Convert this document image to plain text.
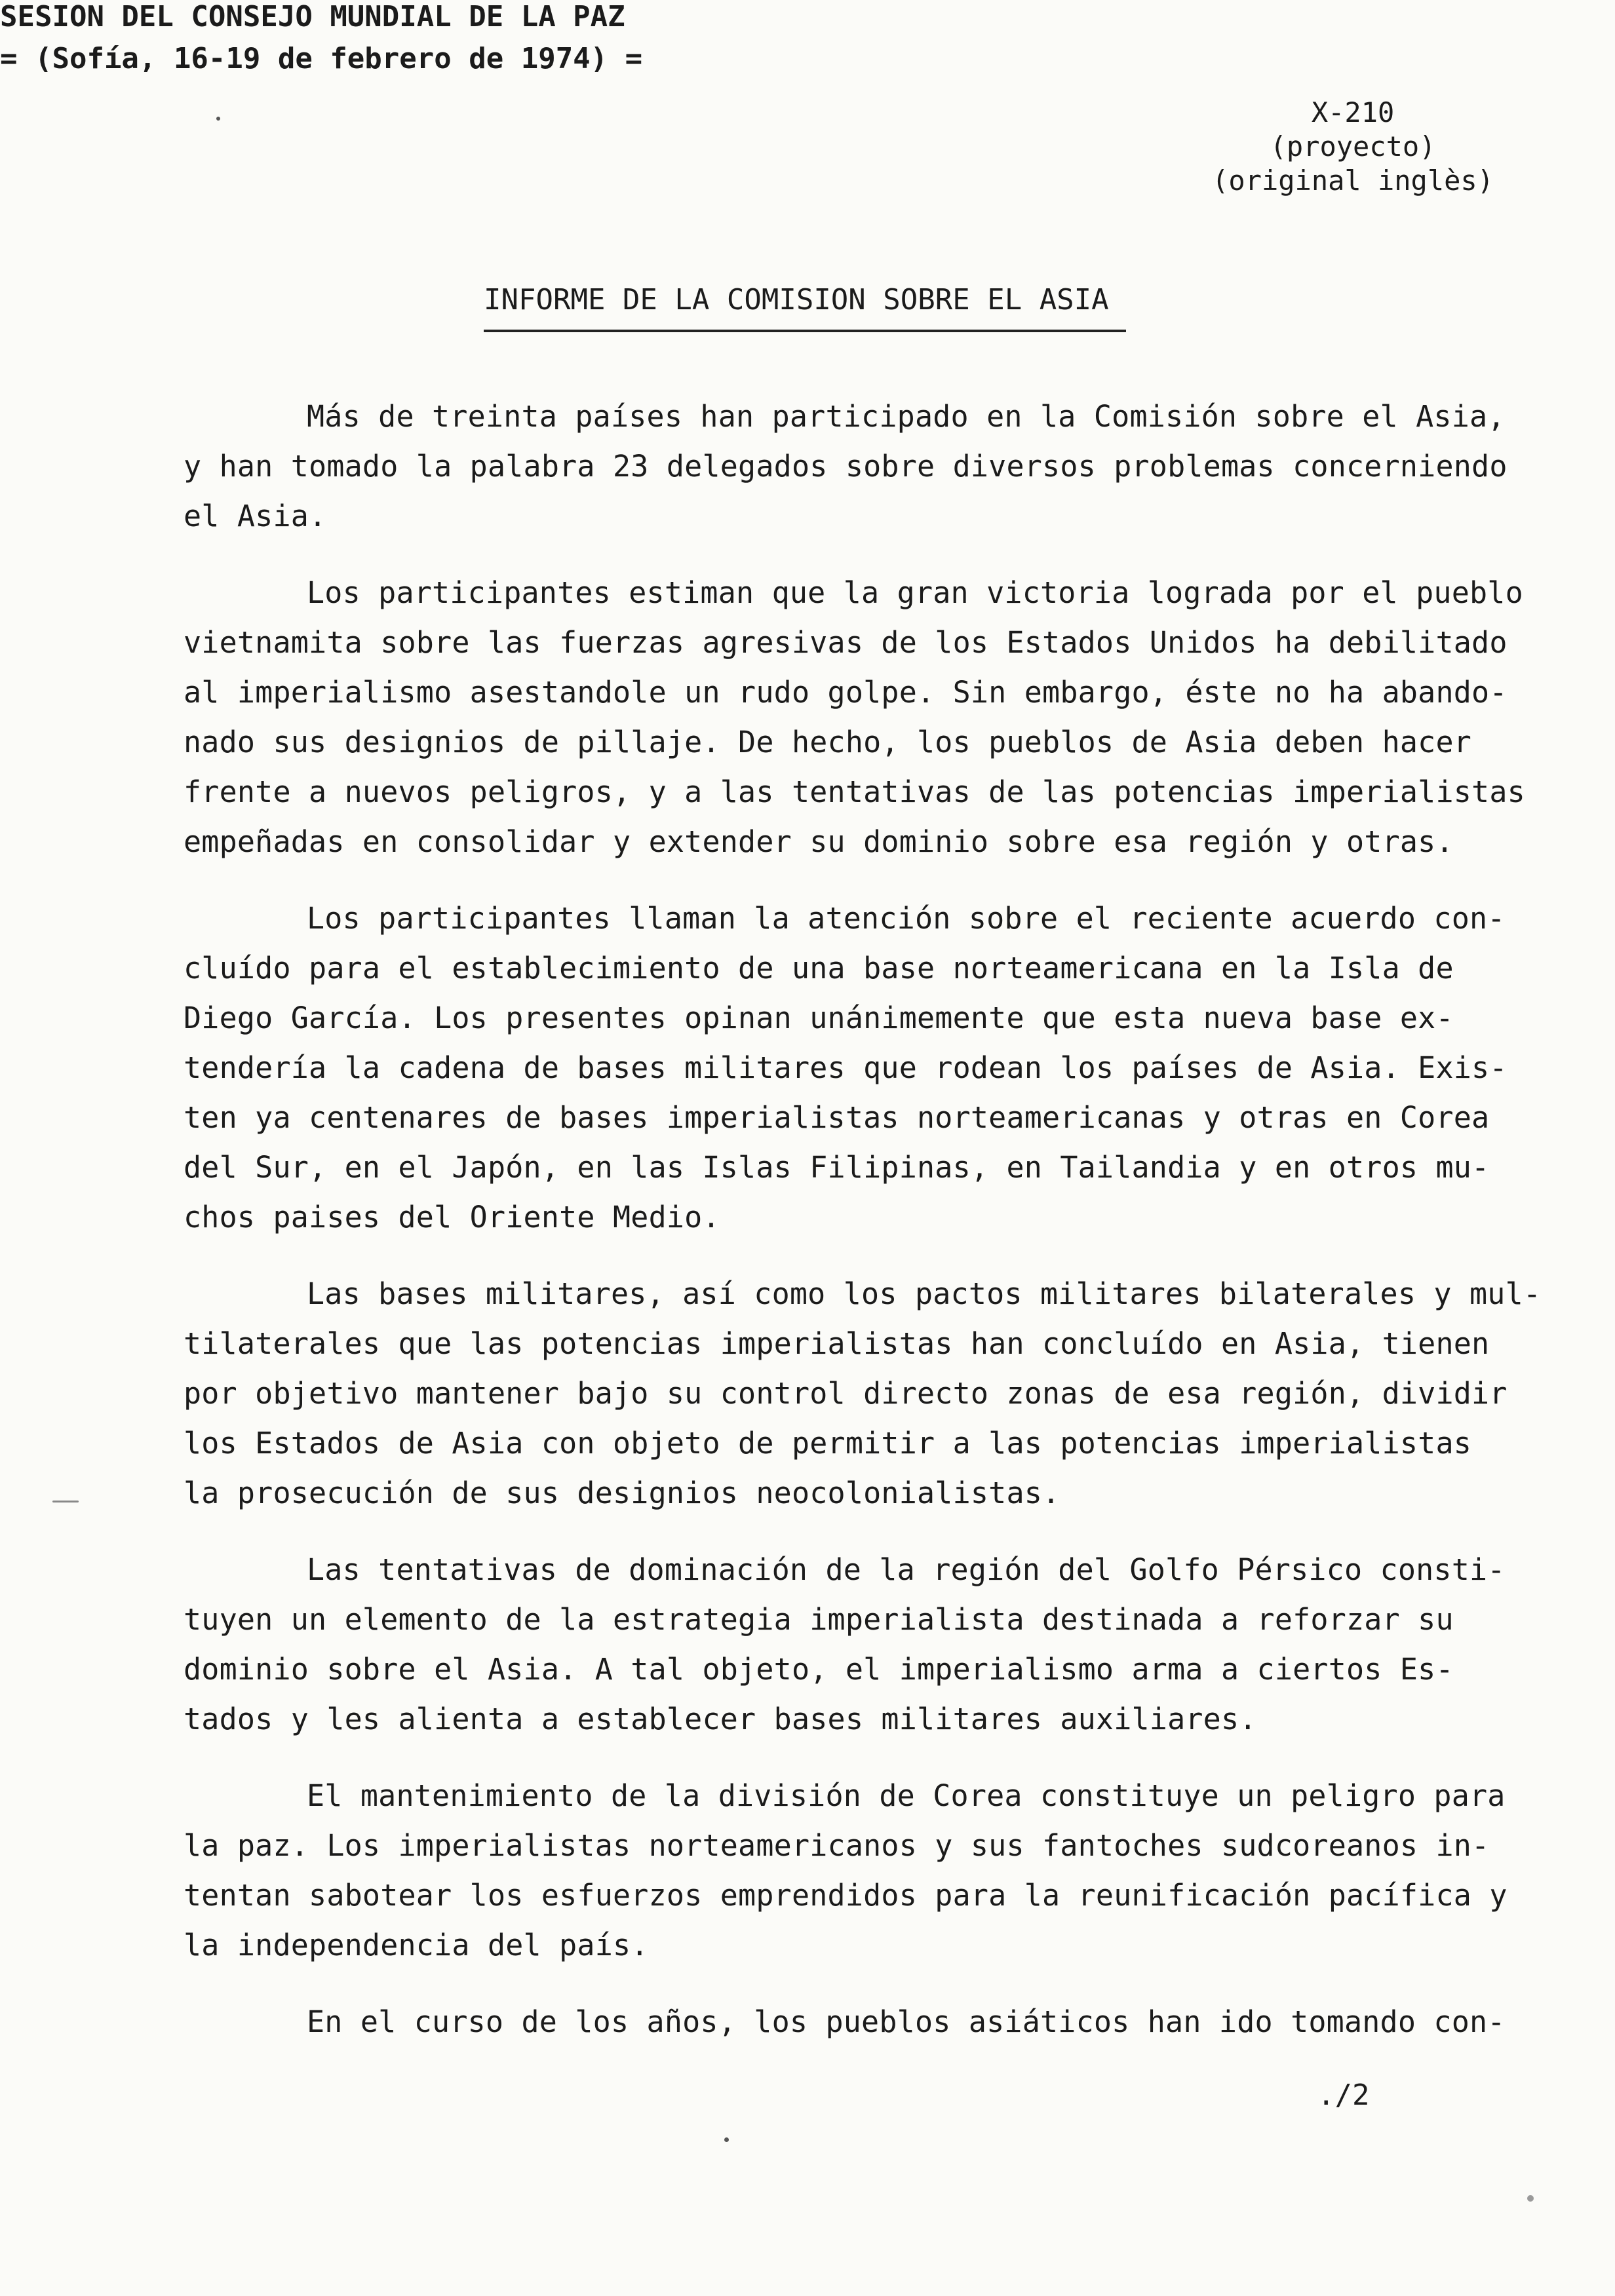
SESION DEL CONSEJO MUNDIAL DE LA PAZ
= (Sofía, 16-19 de febrero de 1974) =
X-210
(proyecto)
(original inglès)
INFORME DE LA COMISION SOBRE EL ASIA
Más de treinta países han participado en la Comisión sobre el Asia,
y han tomado la palabra 23 delegados sobre diversos problemas concerniendo
el Asia.
Los participantes estiman que la gran victoria lograda por el pueblo
vietnamita sobre las fuerzas agresivas de los Estados Unidos ha debilitado
al imperialismo asestandole un rudo golpe. Sin embargo, éste no ha abando-
nado sus designios de pillaje. De hecho, los pueblos de Asia deben hacer
frente a nuevos peligros, y a las tentativas de las potencias imperialistas
empeñadas en consolidar y extender su dominio sobre esa región y otras.
Los participantes llaman la atención sobre el reciente acuerdo con-
cluído para el establecimiento de una base norteamericana en la Isla de
Diego García. Los presentes opinan unánimemente que esta nueva base ex-
tendería la cadena de bases militares que rodean los países de Asia. Exis-
ten ya centenares de bases imperialistas norteamericanas y otras en Corea
del Sur, en el Japón, en las Islas Filipinas, en Tailandia y en otros mu-
chos paises del Oriente Medio.
Las bases militares, así como los pactos militares bilaterales y mul-
tilaterales que las potencias imperialistas han concluído en Asia, tienen
por objetivo mantener bajo su control directo zonas de esa región, dividir
los Estados de Asia con objeto de permitir a las potencias imperialistas
la prosecución de sus designios neocolonialistas.
Las tentativas de dominación de la región del Golfo Pérsico consti-
tuyen un elemento de la estrategia imperialista destinada a reforzar su
dominio sobre el Asia. A tal objeto, el imperialismo arma a ciertos Es-
tados y les alienta a establecer bases militares auxiliares.
El mantenimiento de la división de Corea constituye un peligro para
la paz. Los imperialistas norteamericanos y sus fantoches sudcoreanos in-
tentan sabotear los esfuerzos emprendidos para la reunificación pacífica y
la independencia del país.
En el curso de los años, los pueblos asiáticos han ido tomando con-
./2
